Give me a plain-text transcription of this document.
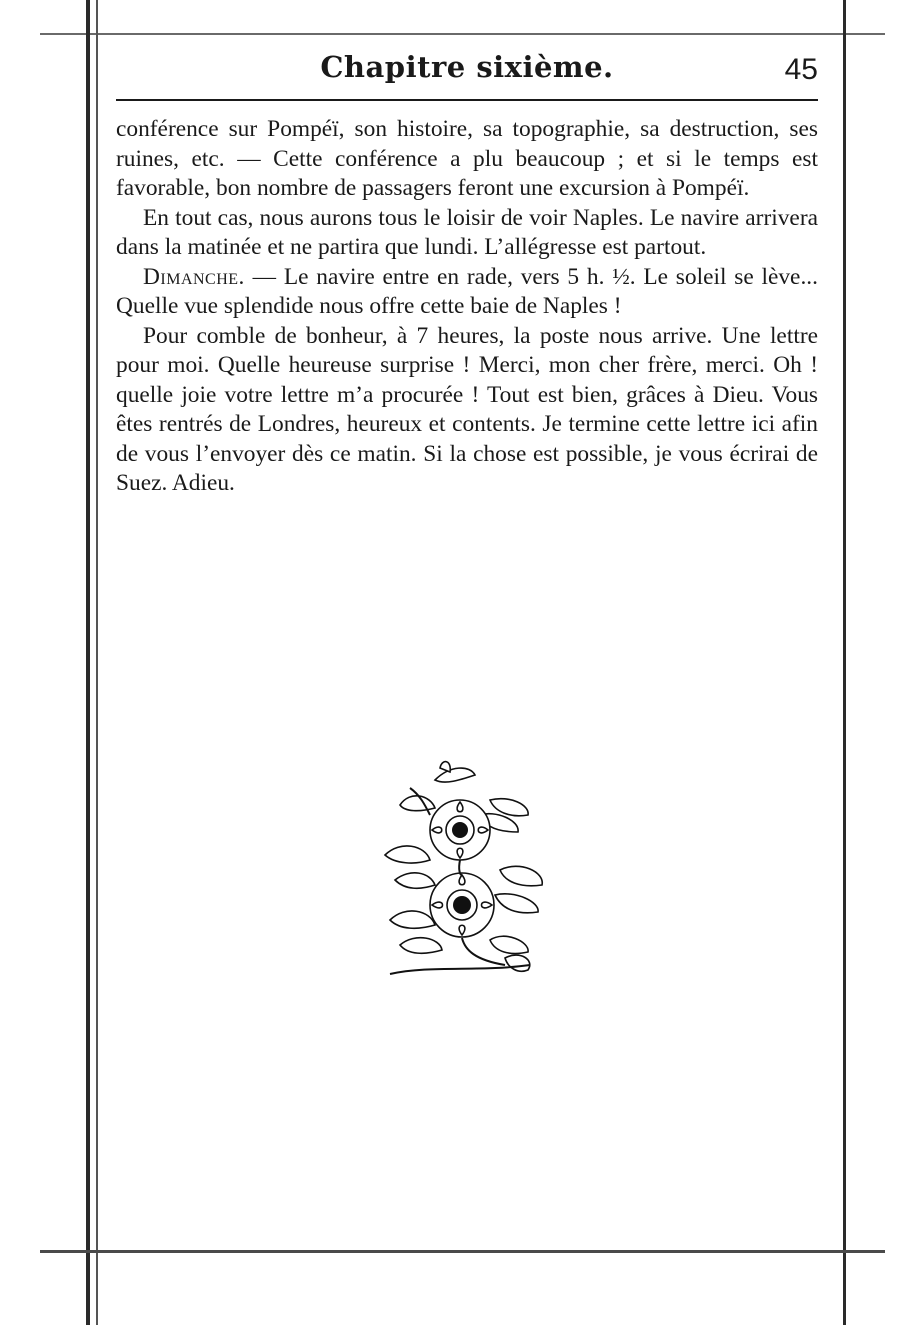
Chapitre sixième.	45

conférence sur Pompéï, son histoire, sa topographie, sa destruction, ses ruines, etc. — Cette conférence a plu beaucoup ; et si le temps est favorable, bon nombre de passagers feront une excursion à Pompéï.

En tout cas, nous aurons tous le loisir de voir Naples. Le navire arrivera dans la matinée et ne partira que lundi. L’allégresse est partout.

Dimanche. — Le navire entre en rade, vers 5 h. ½. Le soleil se lève... Quelle vue splendide nous offre cette baie de Naples !

Pour comble de bonheur, à 7 heures, la poste nous arrive. Une lettre pour moi. Quelle heureuse surprise ! Merci, mon cher frère, merci. Oh ! quelle joie votre lettre m’a procurée ! Tout est bien, grâces à Dieu. Vous êtes rentrés de Londres, heureux et contents. Je termine cette lettre ici afin de vous l’envoyer dès ce matin. Si la chose est possible, je vous écrirai de Suez. Adieu.
